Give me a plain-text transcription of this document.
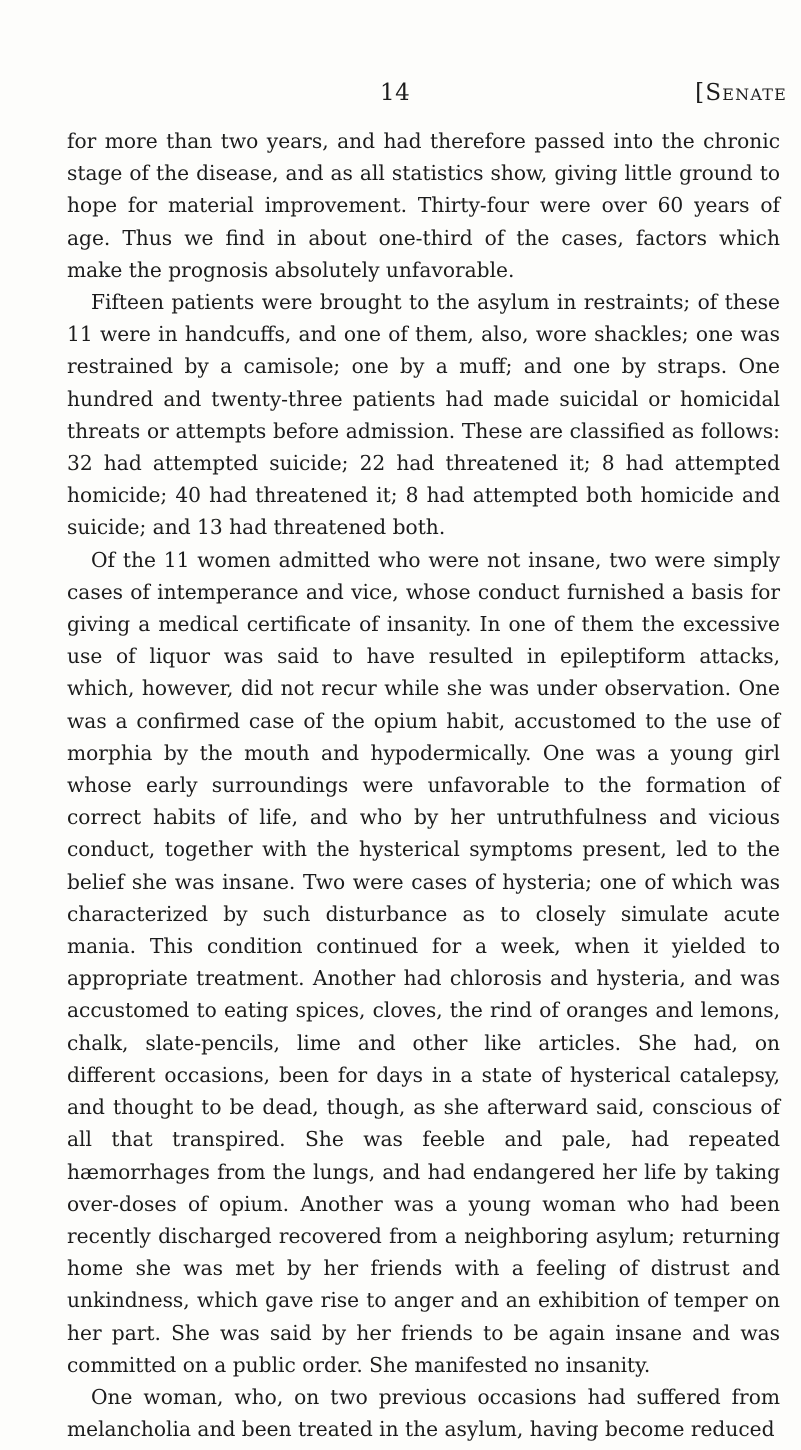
14	[Senate

for more than two years, and had therefore passed into the chronic stage of the disease, and as all statistics show, giving little ground to hope for material improvement. Thirty-four were over 60 years of age. Thus we find in about one-third of the cases, factors which make the prognosis absolutely unfavorable.

Fifteen patients were brought to the asylum in restraints; of these 11 were in handcuffs, and one of them, also, wore shackles; one was restrained by a camisole; one by a muff; and one by straps. One hundred and twenty-three patients had made suicidal or homicidal threats or attempts before admission. These are classified as follows: 32 had attempted suicide; 22 had threatened it; 8 had attempted homicide; 40 had threatened it; 8 had attempted both homicide and suicide; and 13 had threatened both.

Of the 11 women admitted who were not insane, two were simply cases of intemperance and vice, whose conduct furnished a basis for giving a medical certificate of insanity. In one of them the excessive use of liquor was said to have resulted in epileptiform attacks, which, however, did not recur while she was under observation. One was a confirmed case of the opium habit, accustomed to the use of morphia by the mouth and hypodermically. One was a young girl whose early surroundings were unfavorable to the formation of correct habits of life, and who by her untruthfulness and vicious conduct, together with the hysterical symptoms present, led to the belief she was insane. Two were cases of hysteria; one of which was characterized by such disturbance as to closely simulate acute mania. This condition continued for a week, when it yielded to appropriate treatment. Another had chlorosis and hysteria, and was accustomed to eating spices, cloves, the rind of oranges and lemons, chalk, slate-pencils, lime and other like articles. She had, on different occasions, been for days in a state of hysterical catalepsy, and thought to be dead, though, as she afterward said, conscious of all that transpired. She was feeble and pale, had repeated hæmorrhages from the lungs, and had endangered her life by taking over-doses of opium. Another was a young woman who had been recently discharged recovered from a neighboring asylum; returning home she was met by her friends with a feeling of distrust and unkindness, which gave rise to anger and an exhibition of temper on her part. She was said by her friends to be again insane and was committed on a public order. She manifested no insanity.

One woman, who, on two previous occasions had suffered from melancholia and been treated in the asylum, having become reduced
